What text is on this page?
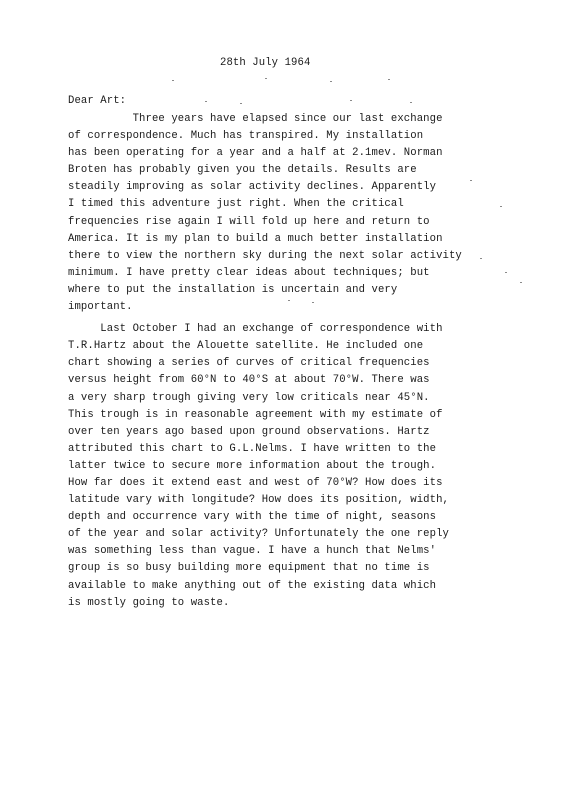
28th July 1964
Dear Art:
Three years have elapsed since our last exchange
of correspondence. Much has transpired. My installation
has been operating for a year and a half at 2.1mev. Norman
Broten has probably given you the details. Results are
steadily improving as solar activity declines. Apparently
I timed this adventure just right. When the critical
frequencies rise again I will fold up here and return to
America. It is my plan to build a much better installation
there to view the northern sky during the next solar activity
minimum. I have pretty clear ideas about techniques; but
where to put the installation is uncertain and very
important.
Last October I had an exchange of correspondence with
T.R.Hartz about the Alouette satellite. He included one
chart showing a series of curves of critical frequencies
versus height from 60°N to 40°S at about 70°W. There was
a very sharp trough giving very low criticals near 45°N.
This trough is in reasonable agreement with my estimate of
over ten years ago based upon ground observations. Hartz
attributed this chart to G.L.Nelms. I have written to the
latter twice to secure more information about the trough.
How far does it extend east and west of 70°W? How does its
latitude vary with longitude? How does its position, width,
depth and occurrence vary with the time of night, seasons
of the year and solar activity? Unfortunately the one reply
was something less than vague. I have a hunch that Nelms'
group is so busy building more equipment that no time is
available to make anything out of the existing data which
is mostly going to waste.
